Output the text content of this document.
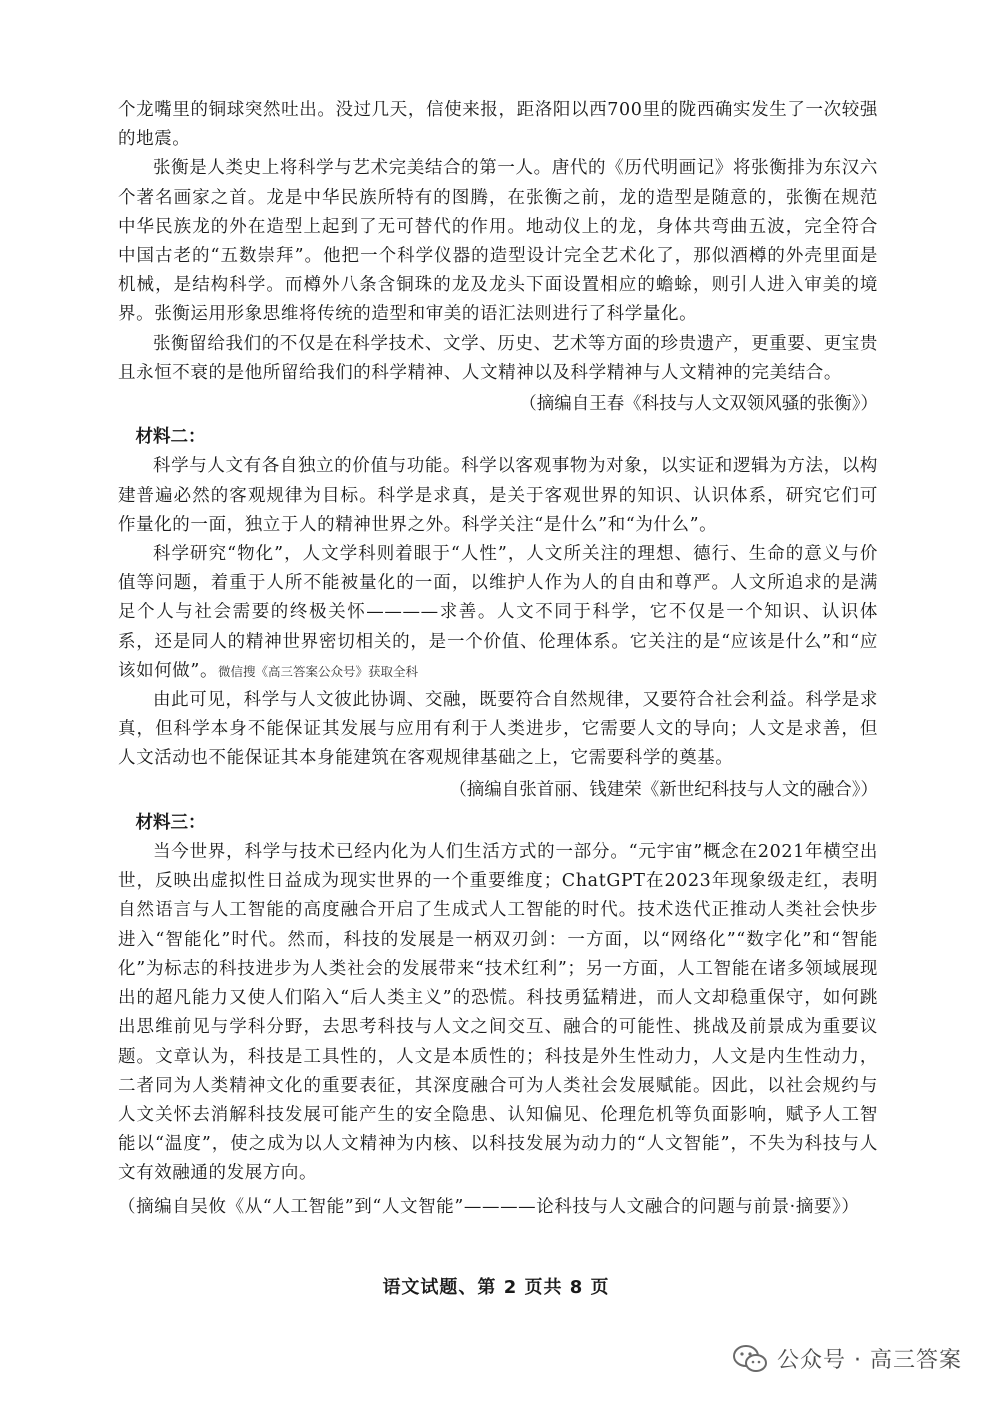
个龙嘴里的铜球突然吐出。没过几天，信使来报，距洛阳以西700里的陇西确实发生了一次较强的地震。

张衡是人类史上将科学与艺术完美结合的第一人。唐代的《历代明画记》将张衡排为东汉六个著名画家之首。龙是中华民族所特有的图腾，在张衡之前，龙的造型是随意的，张衡在规范中华民族龙的外在造型上起到了无可替代的作用。地动仪上的龙，身体共弯曲五波，完全符合中国古老的“五数崇拜”。他把一个科学仪器的造型设计完全艺术化了，那似酒樽的外壳里面是机械，是结构科学。而樽外八条含铜珠的龙及龙头下面设置相应的蟾蜍，则引人进入审美的境界。张衡运用形象思维将传统的造型和审美的语汇法则进行了科学量化。

张衡留给我们的不仅是在科学技术、文学、历史、艺术等方面的珍贵遗产，更重要、更宝贵且永恒不衰的是他所留给我们的科学精神、人文精神以及科学精神与人文精神的完美结合。

（摘编自王春《科技与人文双领风骚的张衡》）

材料二：

科学与人文有各自独立的价值与功能。科学以客观事物为对象，以实证和逻辑为方法，以构建普遍必然的客观规律为目标。科学是求真，是关于客观世界的知识、认识体系，研究它们可作量化的一面，独立于人的精神世界之外。科学关注“是什么”和“为什么”。

科学研究“物化”，人文学科则着眼于“人性”，人文所关注的理想、德行、生命的意义与价值等问题，着重于人所不能被量化的一面，以维护人作为人的自由和尊严。人文所追求的是满足个人与社会需要的终极关怀————求善。人文不同于科学，它不仅是一个知识、认识体系，还是同人的精神世界密切相关的，是一个价值、伦理体系。它关注的是“应该是什么”和“应该如何做”。微信搜《高三答案公众号》获取全科

由此可见，科学与人文彼此协调、交融，既要符合自然规律，又要符合社会利益。科学是求真，但科学本身不能保证其发展与应用有利于人类进步，它需要人文的导向；人文是求善，但人文活动也不能保证其本身能建筑在客观规律基础之上，它需要科学的奠基。

（摘编自张首丽、钱建荣《新世纪科技与人文的融合》）

材料三：

当今世界，科学与技术已经内化为人们生活方式的一部分。“元宇宙”概念在2021年横空出世，反映出虚拟性日益成为现实世界的一个重要维度；ChatGPT在2023年现象级走红，表明自然语言与人工智能的高度融合开启了生成式人工智能的时代。技术迭代正推动人类社会快步进入“智能化”时代。然而，科技的发展是一柄双刃剑：一方面，以“网络化”“数字化”和“智能化”为标志的科技进步为人类社会的发展带来“技术红利”；另一方面，人工智能在诸多领域展现出的超凡能力又使人们陷入“后人类主义”的恐慌。科技勇猛精进，而人文却稳重保守，如何跳出思维前见与学科分野，去思考科技与人文之间交互、融合的可能性、挑战及前景成为重要议题。文章认为，科技是工具性的，人文是本质性的；科技是外生性动力，人文是内生性动力，二者同为人类精神文化的重要表征，其深度融合可为人类社会发展赋能。因此，以社会规约与人文关怀去消解科技发展可能产生的安全隐患、认知偏见、伦理危机等负面影响，赋予人工智能以“温度”，使之成为以人文精神为内核、以科技发展为动力的“人文智能”，不失为科技与人文有效融通的发展方向。

（摘编自吴攸《从“人工智能”到“人文智能”————论科技与人文融合的问题与前景·摘要》）

语文试题、第 2 页共 8 页
公众号 · 高三答案
